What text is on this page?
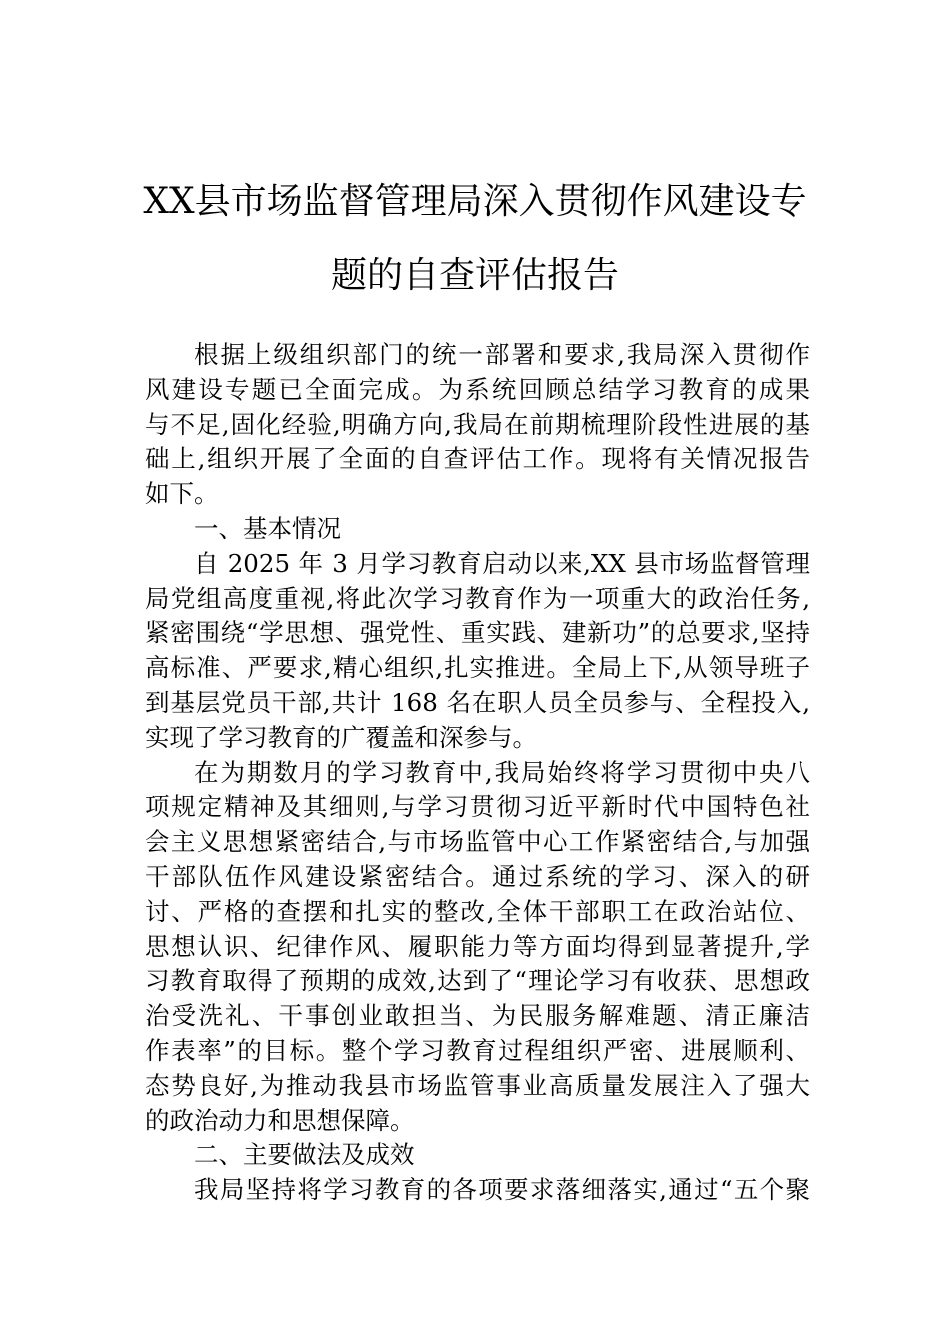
XX县市场监督管理局深入贯彻作风建设专
题的自查评估报告
根据上级组织部门的统一部署和要求,我局深入贯彻作
风建设专题已全面完成。为系统回顾总结学习教育的成果
与不足,固化经验,明确方向,我局在前期梳理阶段性进展的基
础上,组织开展了全面的自查评估工作。现将有关情况报告
如下。
一、基本情况
自 2025 年 3 月学习教育启动以来,XX 县市场监督管理
局党组高度重视,将此次学习教育作为一项重大的政治任务,
紧密围绕“学思想、强党性、重实践、建新功”的总要求,坚持
高标准、严要求,精心组织,扎实推进。全局上下,从领导班子
到基层党员干部,共计 168 名在职人员全员参与、全程投入,
实现了学习教育的广覆盖和深参与。
在为期数月的学习教育中,我局始终将学习贯彻中央八
项规定精神及其细则,与学习贯彻习近平新时代中国特色社
会主义思想紧密结合,与市场监管中心工作紧密结合,与加强
干部队伍作风建设紧密结合。通过系统的学习、深入的研
讨、严格的查摆和扎实的整改,全体干部职工在政治站位、
思想认识、纪律作风、履职能力等方面均得到显著提升,学
习教育取得了预期的成效,达到了“理论学习有收获、思想政
治受洗礼、干事创业敢担当、为民服务解难题、清正廉洁
作表率”的目标。整个学习教育过程组织严密、进展顺利、
态势良好,为推动我县市场监管事业高质量发展注入了强大
的政治动力和思想保障。
二、主要做法及成效
我局坚持将学习教育的各项要求落细落实,通过“五个聚
